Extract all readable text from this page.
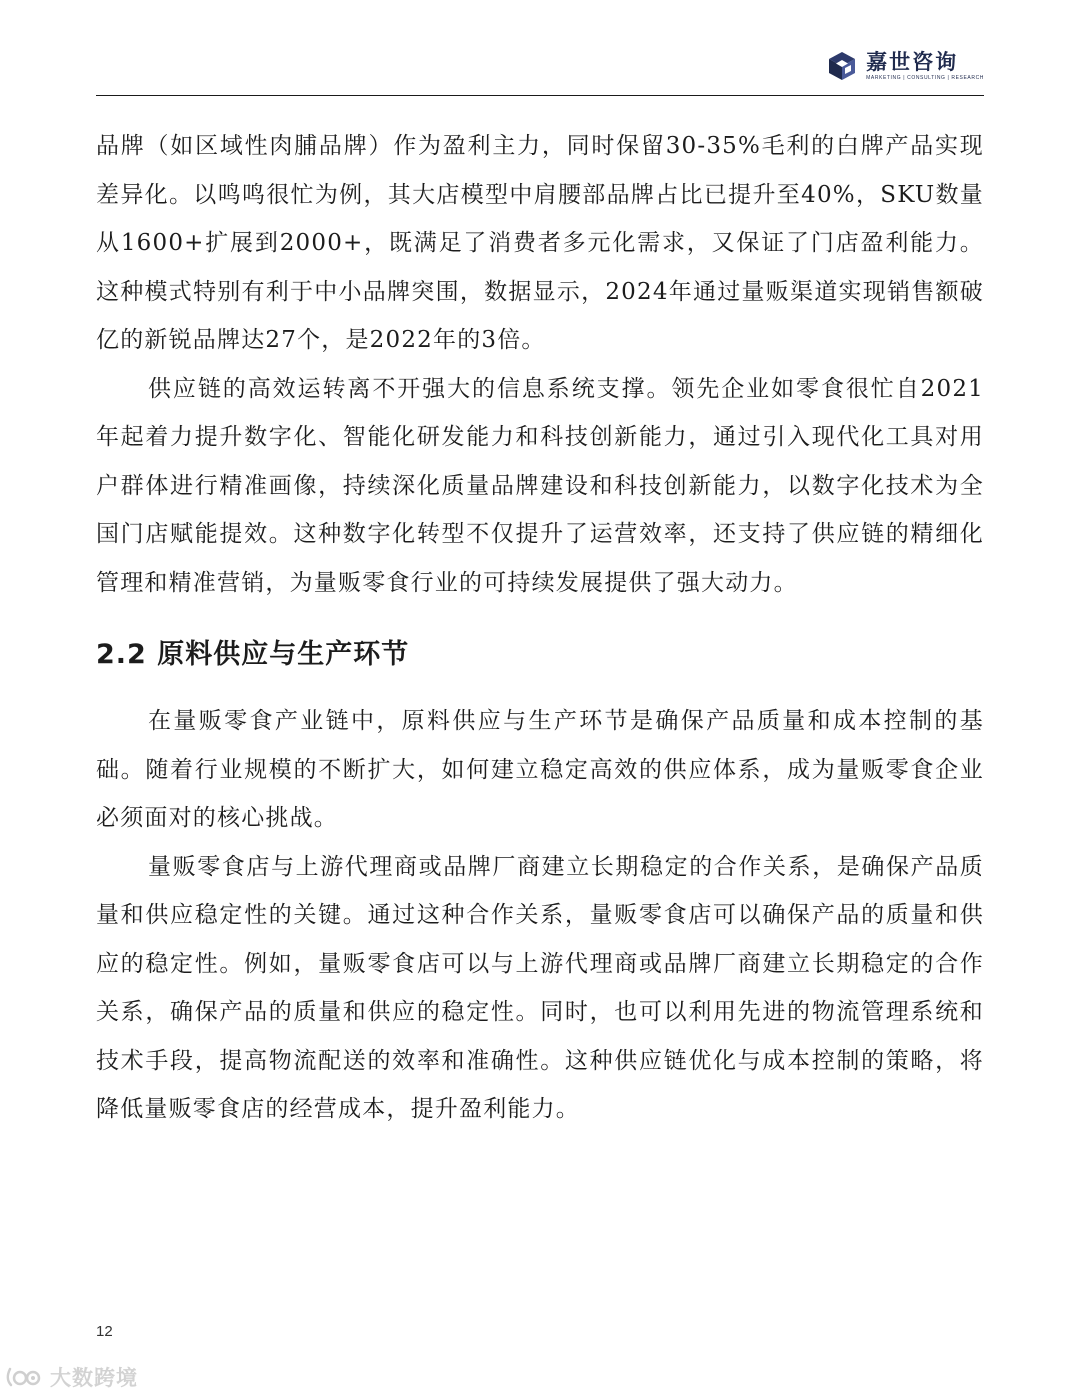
嘉世咨询
MARKETING | CONSULTING | RESEARCH

品牌（如区域性肉脯品牌）作为盈利主力，同时保留30-35%毛利的白牌产品实现差异化。以鸣鸣很忙为例，其大店模型中肩腰部品牌占比已提升至40%，SKU数量从1600+扩展到2000+，既满足了消费者多元化需求，又保证了门店盈利能力。这种模式特别有利于中小品牌突围，数据显示，2024年通过量贩渠道实现销售额破亿的新锐品牌达27个，是2022年的3倍。

供应链的高效运转离不开强大的信息系统支撑。领先企业如零食很忙自2021年起着力提升数字化、智能化研发能力和科技创新能力，通过引入现代化工具对用户群体进行精准画像，持续深化质量品牌建设和科技创新能力，以数字化技术为全国门店赋能提效。这种数字化转型不仅提升了运营效率，还支持了供应链的精细化管理和精准营销，为量贩零食行业的可持续发展提供了强大动力。

2.2 原料供应与生产环节

在量贩零食产业链中，原料供应与生产环节是确保产品质量和成本控制的基础。随着行业规模的不断扩大，如何建立稳定高效的供应体系，成为量贩零食企业必须面对的核心挑战。

量贩零食店与上游代理商或品牌厂商建立长期稳定的合作关系，是确保产品质量和供应稳定性的关键。通过这种合作关系，量贩零食店可以确保产品的质量和供应的稳定性。例如，量贩零食店可以与上游代理商或品牌厂商建立长期稳定的合作关系，确保产品的质量和供应的稳定性。同时，也可以利用先进的物流管理系统和技术手段，提高物流配送的效率和准确性。这种供应链优化与成本控制的策略，将降低量贩零食店的经营成本，提升盈利能力。

12
大数跨境
